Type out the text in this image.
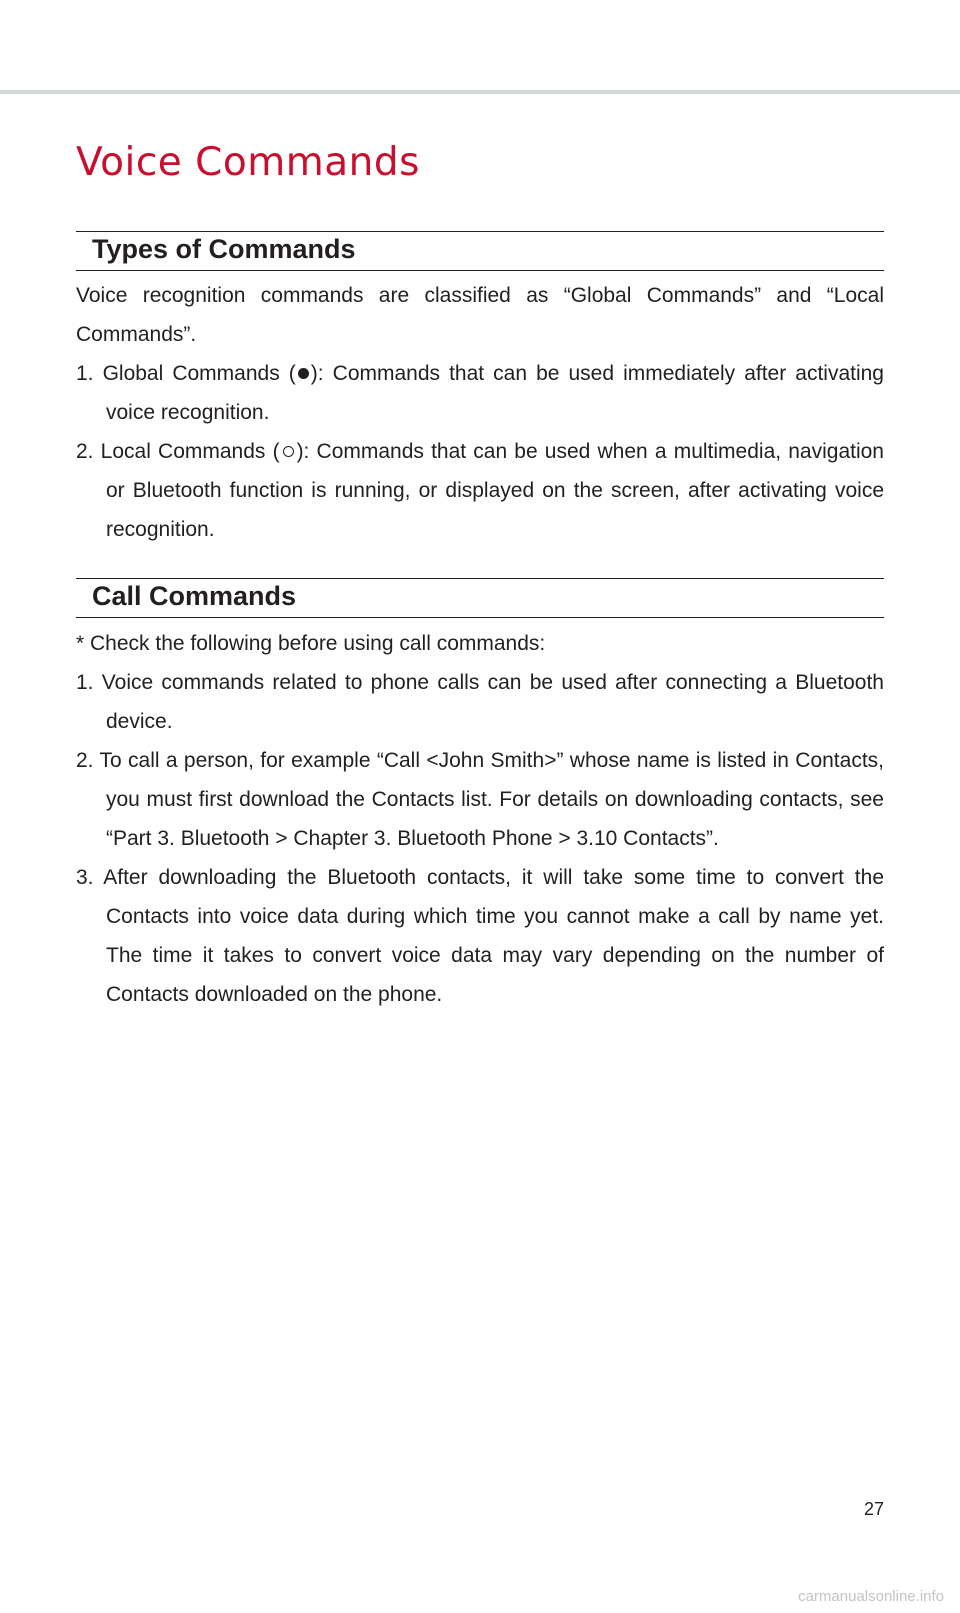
Voice Commands
Types of Commands
Voice recognition commands are classified as “Global Commands” and “Local Commands”.
1. Global Commands ( ): Commands that can be used immediately after activating voice recognition.
2. Local Commands ( ): Commands that can be used when a multimedia, navigation or Bluetooth function is running, or displayed on the screen, after activating voice recognition.
Call Commands
* Check the following before using call commands:
1. Voice commands related to phone calls can be used after connecting a Bluetooth device.
2. To call a person, for example “Call <John Smith>” whose name is listed in Contacts, you must first download the Contacts list. For details on downloading contacts, see “Part 3. Bluetooth > Chapter 3. Bluetooth Phone > 3.10 Contacts”.
3. After downloading the Bluetooth contacts, it will take some time to convert the Contacts into voice data during which time you cannot make a call by name yet. The time it takes to convert voice data may vary depending on the number of Contacts downloaded on the phone.
27
carmanualsonline.info
